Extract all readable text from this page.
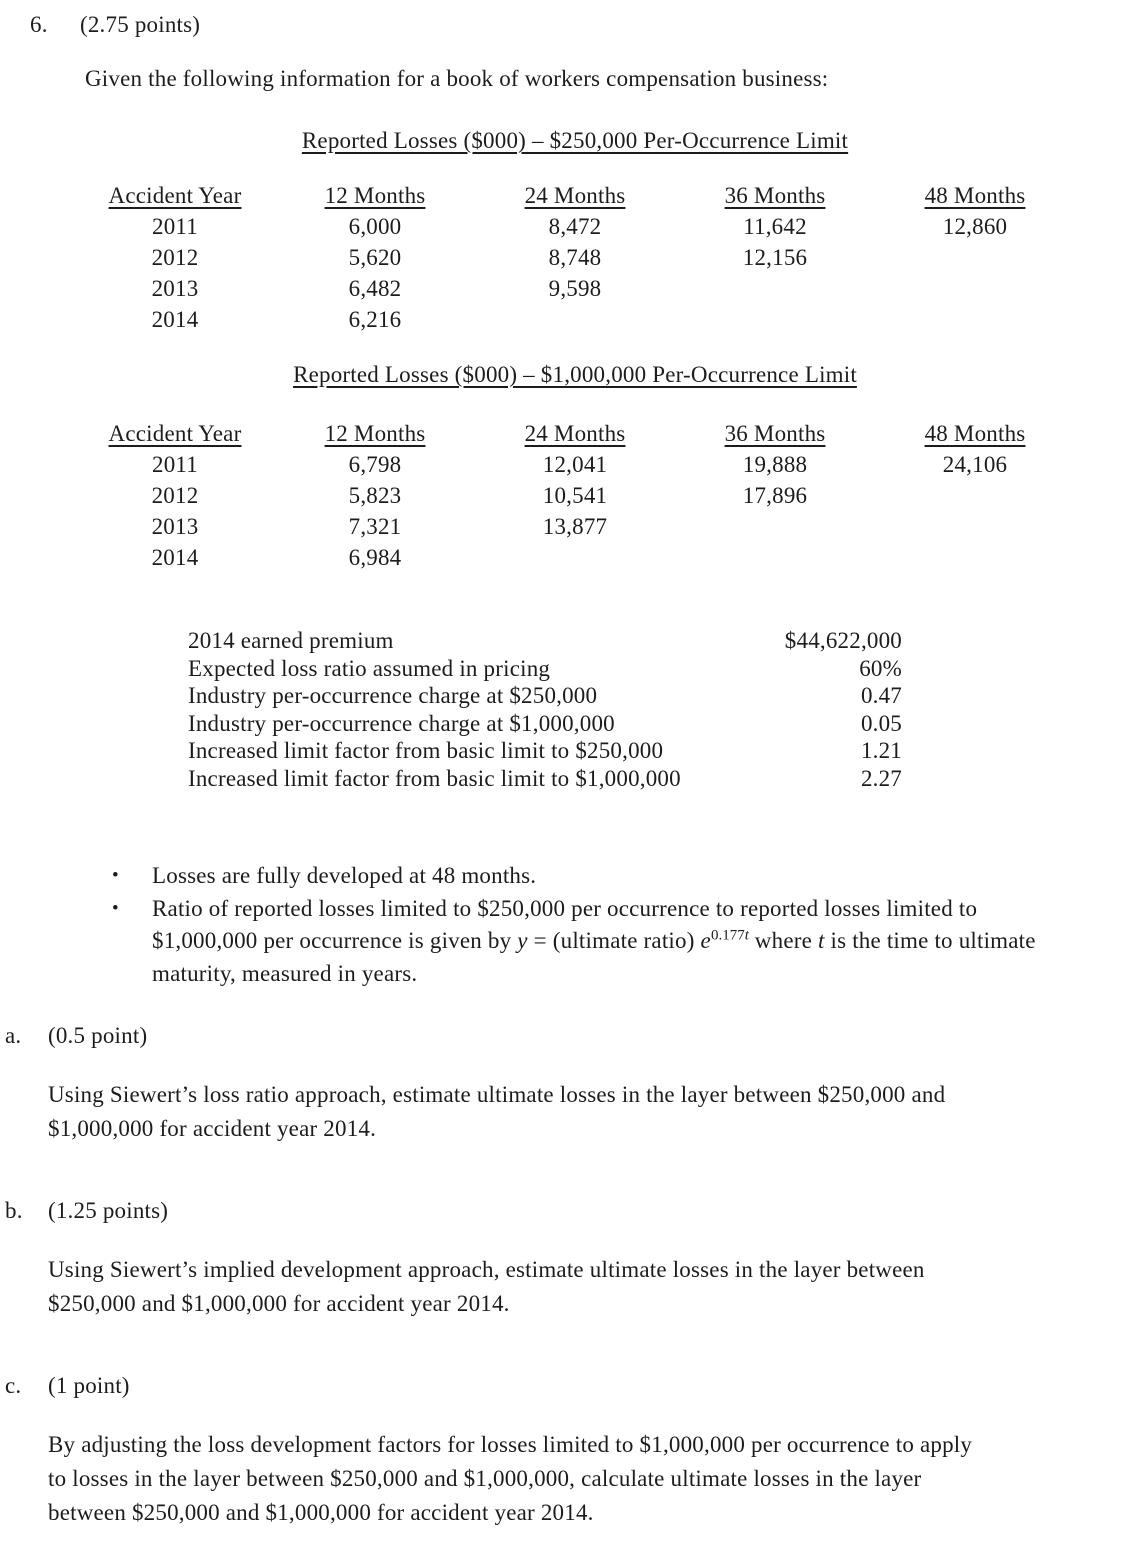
6. (2.75 points)
Given the following information for a book of workers compensation business:
Reported Losses ($000) – $250,000 Per-Occurrence Limit
Accident Year	12 Months	24 Months	36 Months	48 Months
2011	6,000	8,472	11,642	12,860
2012	5,620	8,748	12,156	
2013	6,482	9,598		
2014	6,216			
Reported Losses ($000) – $1,000,000 Per-Occurrence Limit
Accident Year	12 Months	24 Months	36 Months	48 Months
2011	6,798	12,041	19,888	24,106
2012	5,823	10,541	17,896	
2013	7,321	13,877		
2014	6,984			
2014 earned premium	$44,622,000
Expected loss ratio assumed in pricing	60%
Industry per-occurrence charge at $250,000	0.47
Industry per-occurrence charge at $1,000,000	0.05
Increased limit factor from basic limit to $250,000	1.21
Increased limit factor from basic limit to $1,000,000	2.27
•	Losses are fully developed at 48 months.
•	Ratio of reported losses limited to $250,000 per occurrence to reported losses limited to $1,000,000 per occurrence is given by y = (ultimate ratio) $e^{0.177t}$ where t is the time to ultimate maturity, measured in years.
a. (0.5 point)
Using Siewert’s loss ratio approach, estimate ultimate losses in the layer between $250,000 and $1,000,000 for accident year 2014.
b. (1.25 points)
Using Siewert’s implied development approach, estimate ultimate losses in the layer between $250,000 and $1,000,000 for accident year 2014.
c. (1 point)
By adjusting the loss development factors for losses limited to $1,000,000 per occurrence to apply to losses in the layer between $250,000 and $1,000,000, calculate ultimate losses in the layer between $250,000 and $1,000,000 for accident year 2014.
